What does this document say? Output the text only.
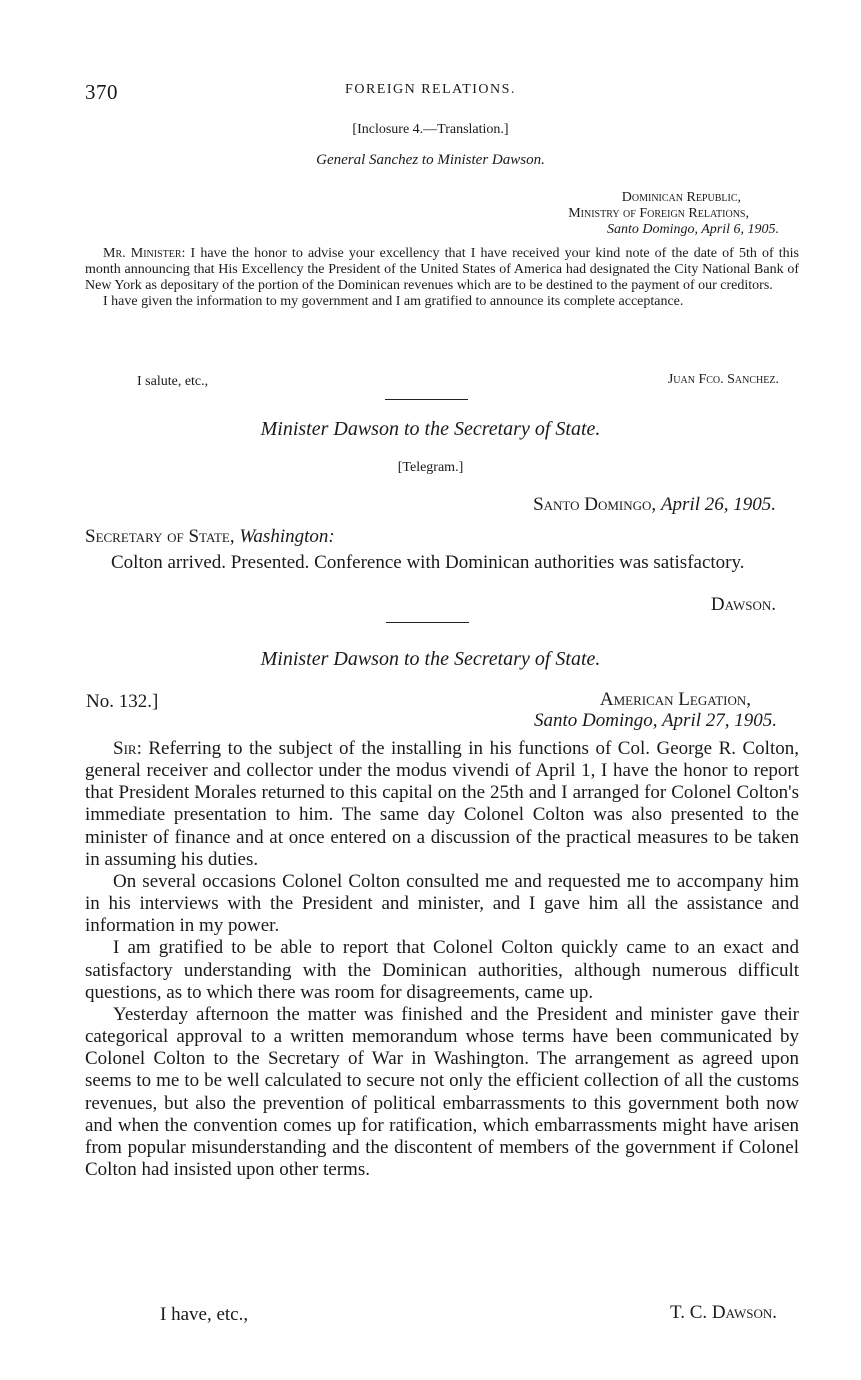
370	FOREIGN RELATIONS.
[Inclosure 4.—Translation.]
General Sanchez to Minister Dawson.
Dominican Republic,
Ministry of Foreign Relations,
Santo Domingo, April 6, 1905.

Mr. Minister: I have the honor to advise your excellency that I have received your kind note of the date of 5th of this month announcing that His Excellency the President of the United States of America had designated the City National Bank of New York as depositary of the portion of the Dominican revenues which are to be destined to the payment of our creditors.

I have given the information to my government and I am gratified to announce its complete acceptance.

I salute, etc.,	Juan Fco. Sanchez.
Minister Dawson to the Secretary of State.
[Telegram.]
Santo Domingo, April 26, 1905.
Secretary of State, Washington:
Colton arrived. Presented. Conference with Dominican authorities was satisfactory.
Dawson.
Minister Dawson to the Secretary of State.
No. 132.]	American Legation,
Santo Domingo, April 27, 1905.

Sir: Referring to the subject of the installing in his functions of Col. George R. Colton, general receiver and collector under the modus vivendi of April 1, I have the honor to report that President Morales returned to this capital on the 25th and I arranged for Colonel Colton's immediate presentation to him. The same day Colonel Colton was also presented to the minister of finance and at once entered on a discussion of the practical measures to be taken in assuming his duties.

On several occasions Colonel Colton consulted me and requested me to accompany him in his interviews with the President and minister, and I gave him all the assistance and information in my power.

I am gratified to be able to report that Colonel Colton quickly came to an exact and satisfactory understanding with the Dominican authorities, although numerous difficult questions, as to which there was room for disagreements, came up.

Yesterday afternoon the matter was finished and the President and minister gave their categorical approval to a written memorandum whose terms have been communicated by Colonel Colton to the Secretary of War in Washington. The arrangement as agreed upon seems to me to be well calculated to secure not only the efficient collection of all the customs revenues, but also the prevention of political embarrassments to this government both now and when the convention comes up for ratification, which embarrassments might have arisen from popular misunderstanding and the discontent of members of the government if Colonel Colton had insisted upon other terms.

I have, etc.,	T. C. Dawson.
